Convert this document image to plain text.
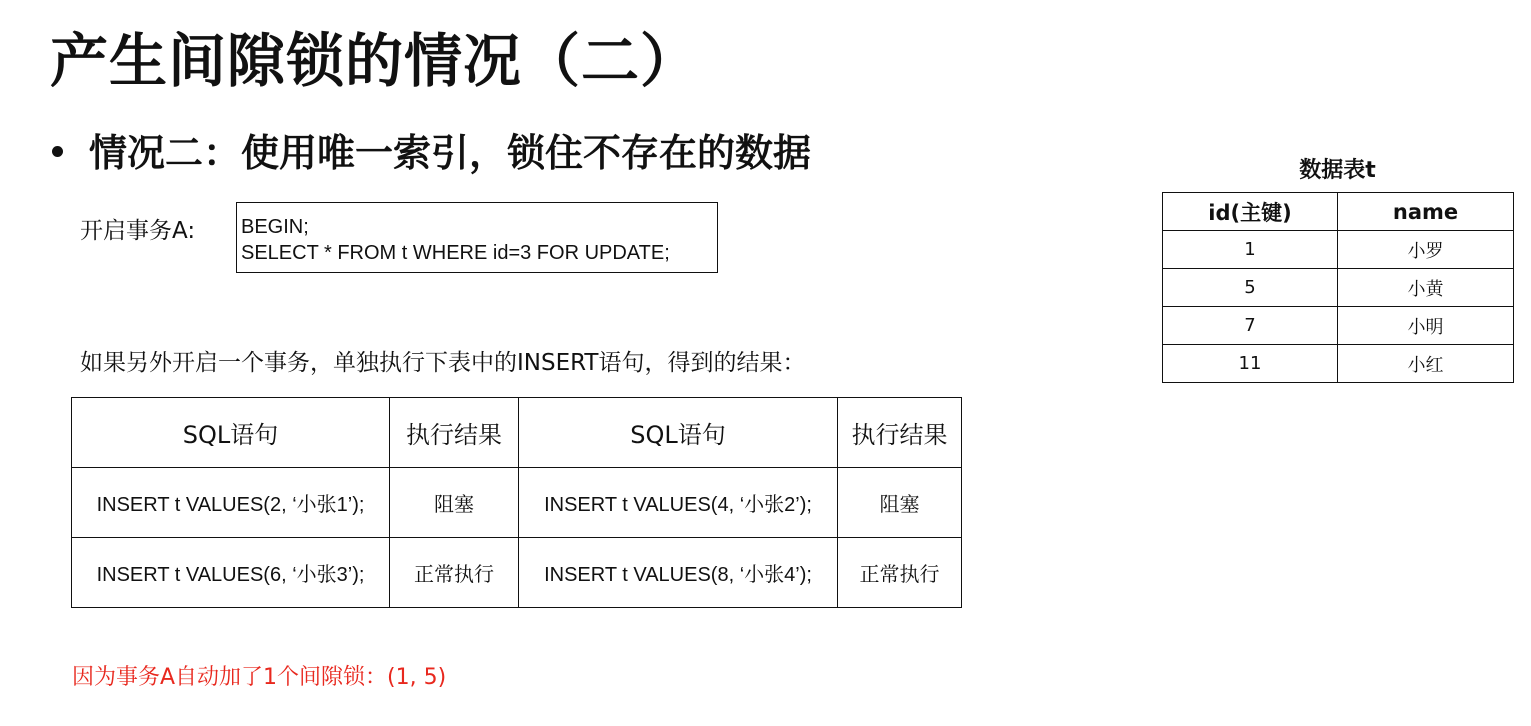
产生间隙锁的情况（二）
情况二：使用唯一索引，锁住不存在的数据
开启事务A: BEGIN;
SELECT * FROM t WHERE id=3 FOR UPDATE;
如果另外开启一个事务，单独执行下表中的INSERT语句，得到的结果：
SQL语句	执行结果	SQL语句	执行结果
INSERT t VALUES(2, ‘小张1’);	阻塞	INSERT t VALUES(4, ‘小张2’);	阻塞
INSERT t VALUES(6, ‘小张3’);	正常执行	INSERT t VALUES(8, ‘小张4’);	正常执行
因为事务A自动加了1个间隙锁：(1, 5)
数据表t
id(主键)	name
1	小罗
5	小黄
7	小明
11	小红
